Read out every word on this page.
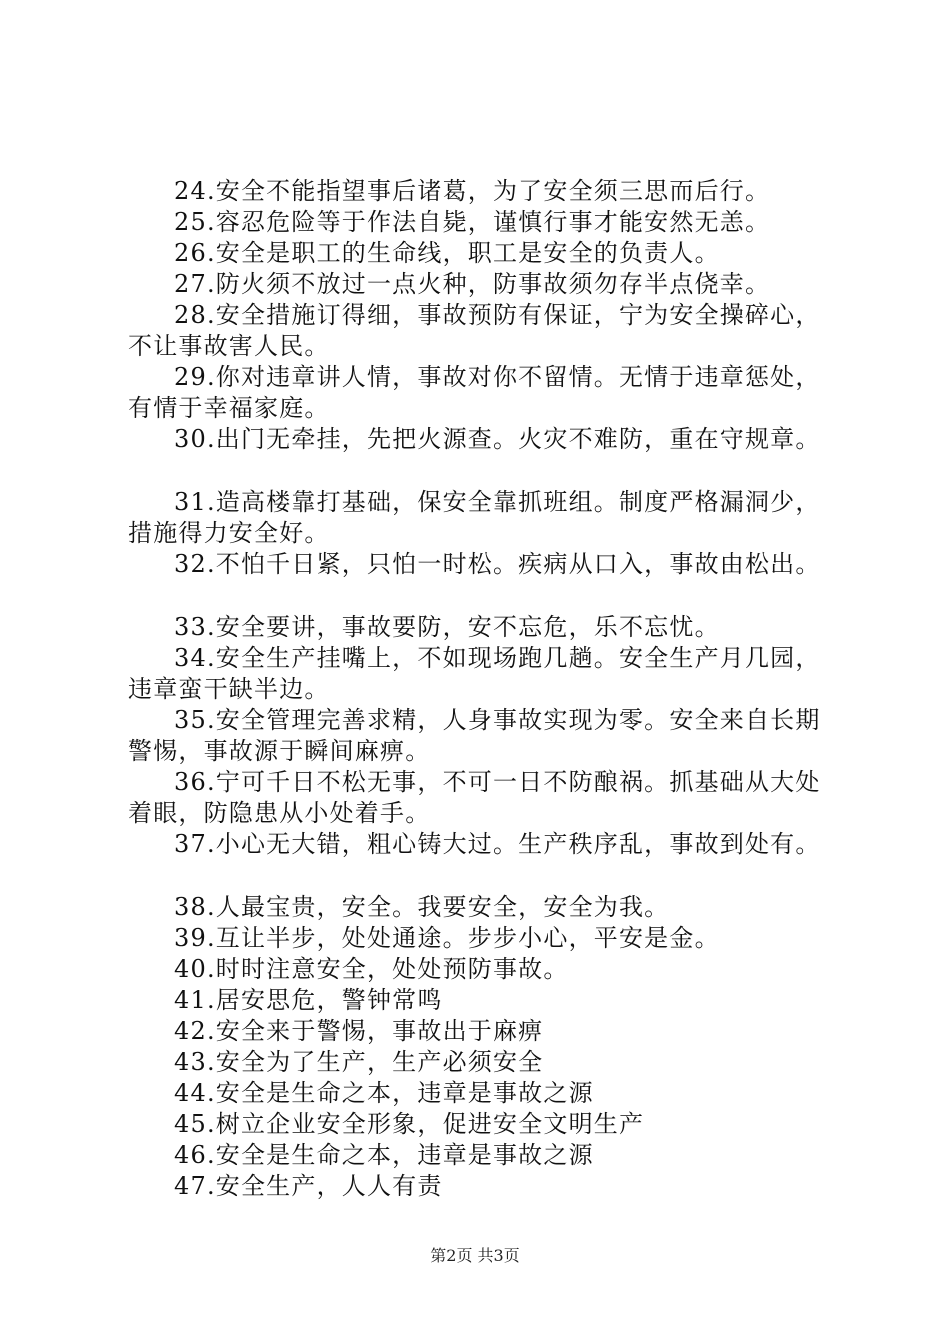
24.安全不能指望事后诸葛，为了安全须三思而后行。
25.容忍危险等于作法自毙，谨慎行事才能安然无恙。
26.安全是职工的生命线，职工是安全的负责人。
27.防火须不放过一点火种，防事故须勿存半点侥幸。
28.安全措施订得细，事故预防有保证，宁为安全操碎心，
不让事故害人民。
29.你对违章讲人情，事故对你不留情。无情于违章惩处，
有情于幸福家庭。
30.出门无牵挂，先把火源查。火灾不难防，重在守规章。
31.造高楼靠打基础，保安全靠抓班组。制度严格漏洞少，
措施得力安全好。
32.不怕千日紧，只怕一时松。疾病从口入，事故由松出。
33.安全要讲，事故要防，安不忘危，乐不忘忧。
34.安全生产挂嘴上，不如现场跑几趟。安全生产月几园，
违章蛮干缺半边。
35.安全管理完善求精，人身事故实现为零。安全来自长期
警惕，事故源于瞬间麻痹。
36.宁可千日不松无事，不可一日不防酿祸。抓基础从大处
着眼，防隐患从小处着手。
37.小心无大错，粗心铸大过。生产秩序乱，事故到处有。
38.人最宝贵，安全。我要安全，安全为我。
39.互让半步，处处通途。步步小心，平安是金。
40.时时注意安全，处处预防事故。
41.居安思危，警钟常鸣
42.安全来于警惕，事故出于麻痹
43.安全为了生产，生产必须安全
44.安全是生命之本，违章是事故之源
45.树立企业安全形象，促进安全文明生产
46.安全是生命之本，违章是事故之源
47.安全生产，人人有责
第2页 共3页
